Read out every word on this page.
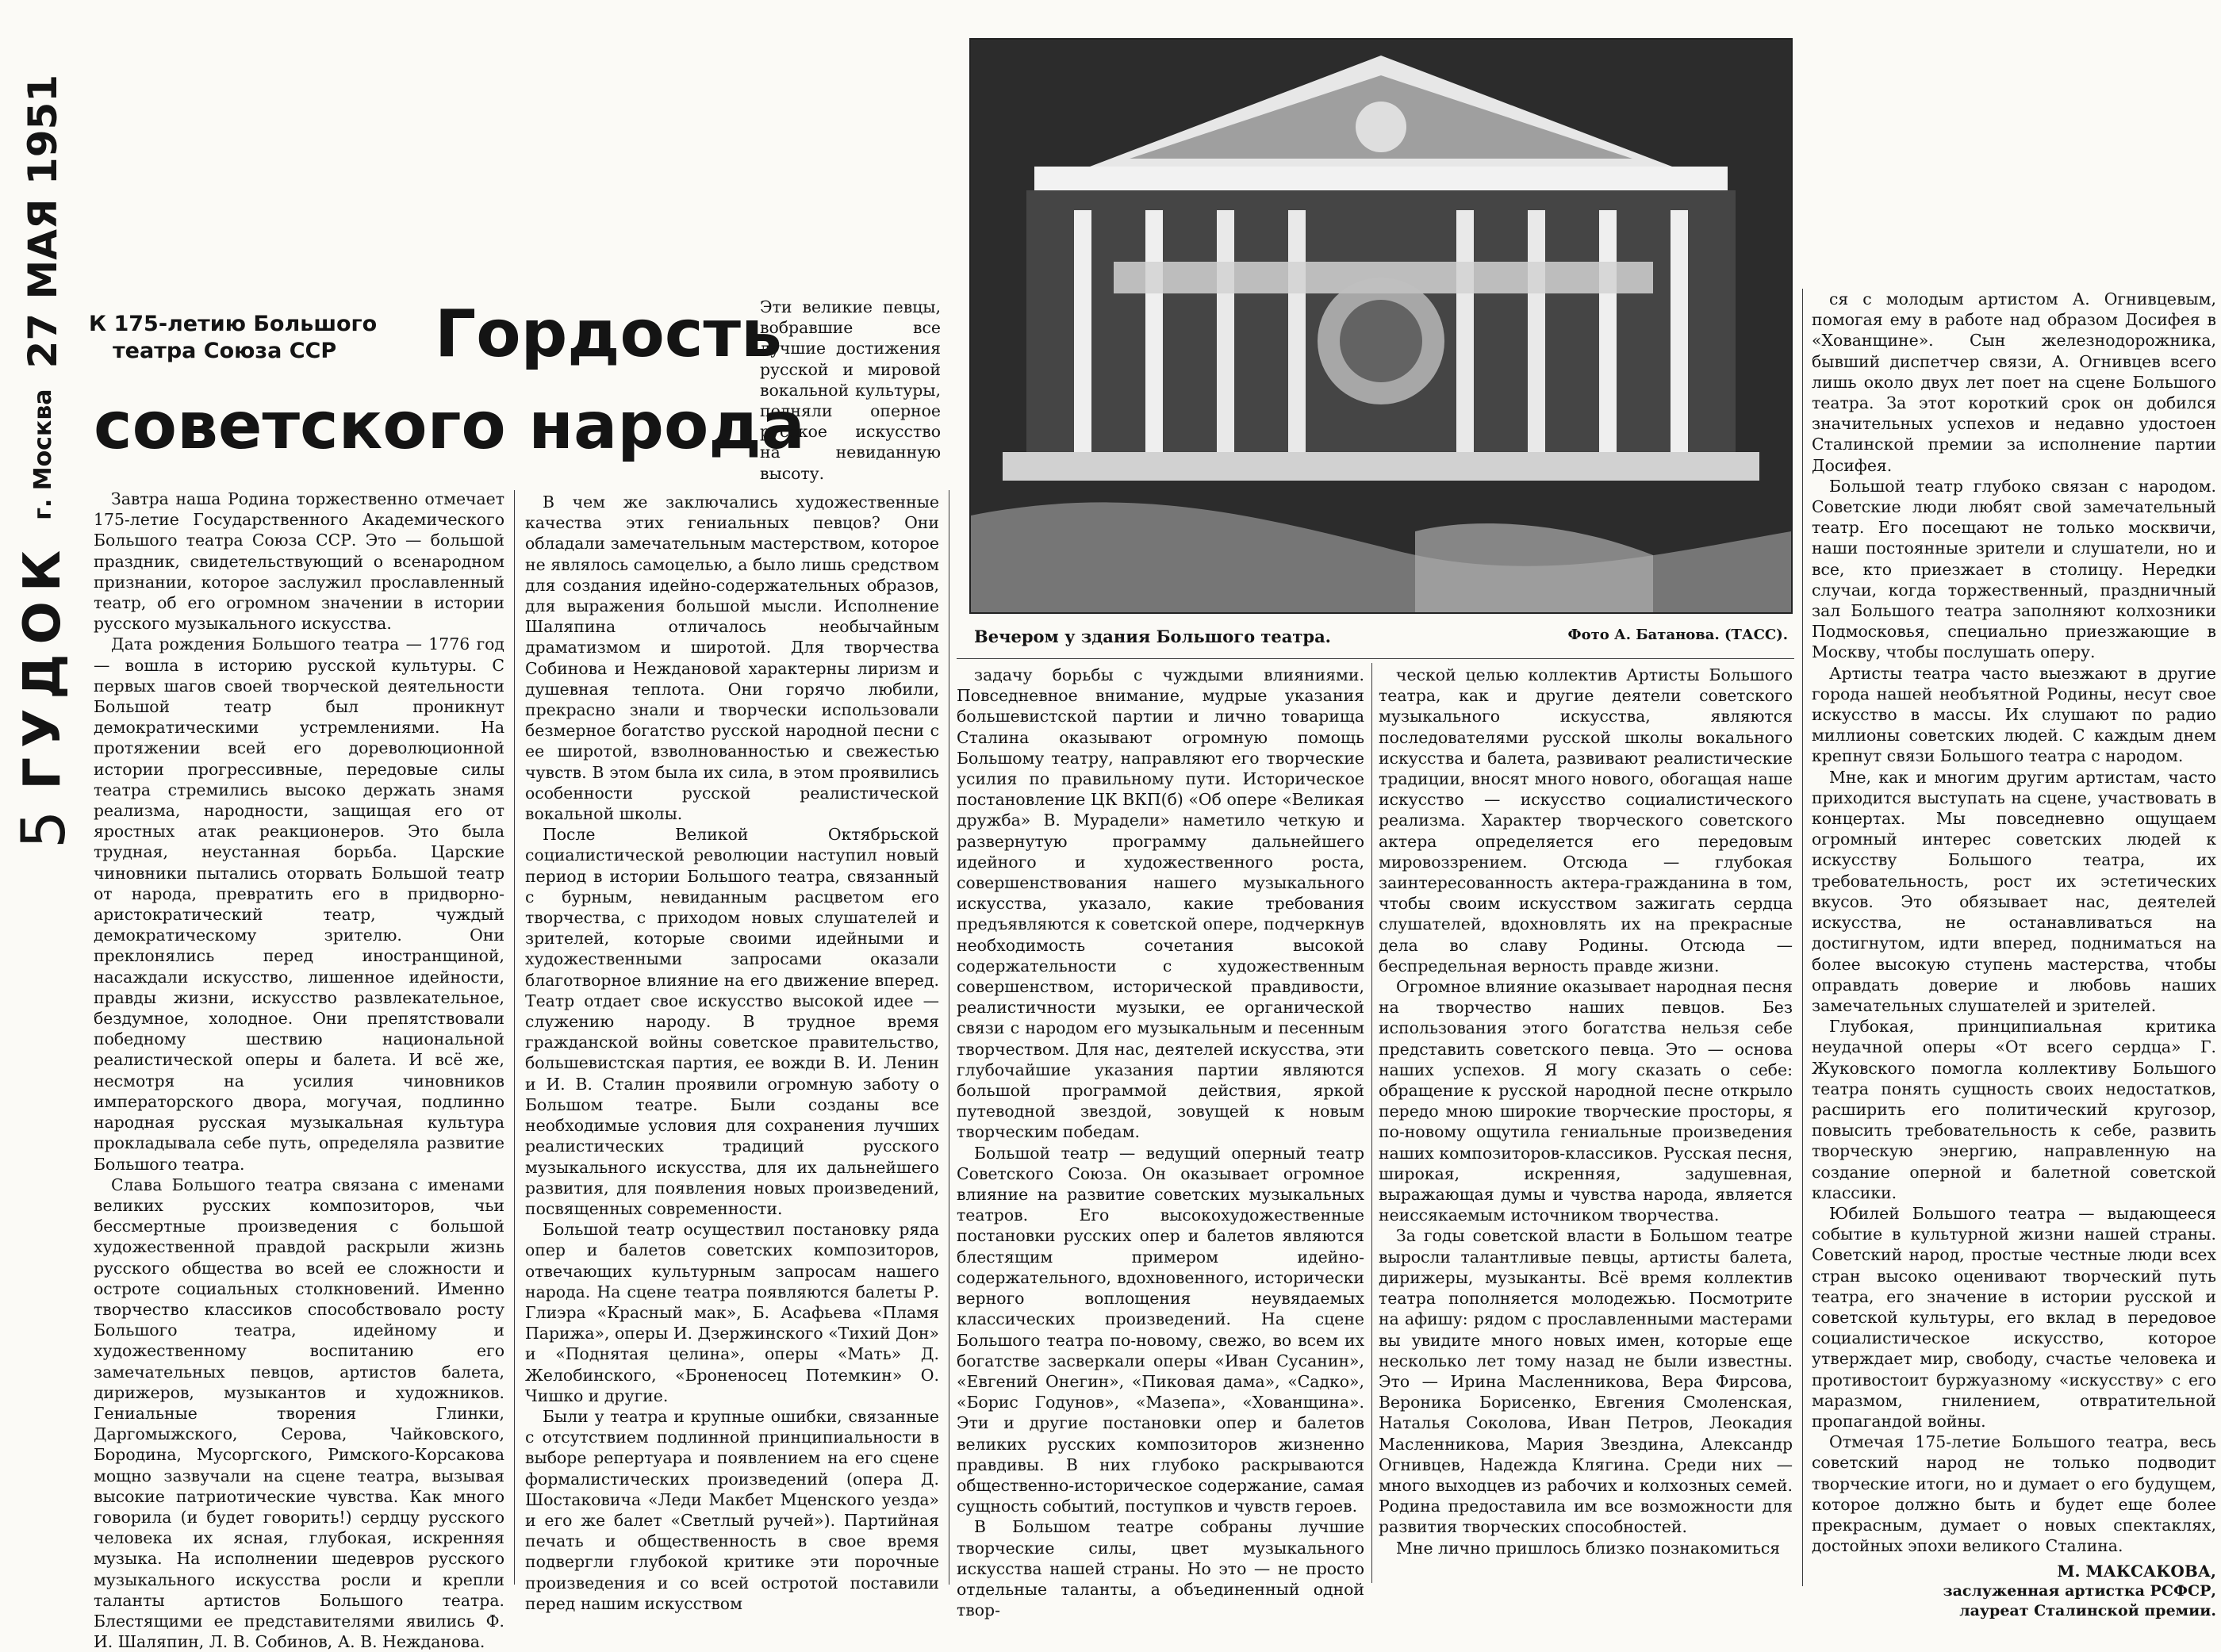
5
ГУДОК
г. Москва
27 МАЯ 1951 К 175-летию Большого
театра Союза ССР	Гордость
советского народа

Завтра наша Родина торжественно отмечает 175-летие Государственного Академического Большого театра Союза ССР. Это — большой праздник, свидетельствующий о всенародном признании, которое заслужил прославленный театр, об его огромном значении в истории русского музыкального искусства.

Дата рождения Большого театра — 1776 год — вошла в историю русской культуры. С первых шагов своей творческой деятельности Большой театр был проникнут демократическими устремлениями. На протяжении всей его дореволюционной истории прогрессивные, передовые силы театра стремились высоко держать знамя реализма, народности, защищая его от яростных атак реакционеров. Это была трудная, неустанная борьба. Царские чиновники пытались оторвать Большой театр от народа, превратить его в придворно-аристократический театр, чуждый демократическому зрителю. Они преклонялись перед иностранщиной, насаждали искусство, лишенное идейности, правды жизни, искусство развлекательное, бездумное, холодное. Они препятствовали победному шествию национальной реалистической оперы и балета. И всё же, несмотря на усилия чиновников императорского двора, могучая, подлинно народная русская музыкальная культура прокладывала себе путь, определяла развитие Большого театра.

Слава Большого театра связана с именами великих русских композиторов, чьи бессмертные произведения с большой художественной правдой раскрыли жизнь русского общества во всей ее сложности и остроте социальных столкновений. Именно творчество классиков способствовало росту Большого театра, идейному и художественному воспитанию его замечательных певцов, артистов балета, дирижеров, музыкантов и художников. Гениальные творения Глинки, Даргомыжского, Серова, Чайковского, Бородина, Мусоргского, Римского-Корсакова мощно зазвучали на сцене театра, вызывая высокие патриотические чувства. Как много говорила (и будет говорить!) сердцу русского человека их ясная, глубокая, искренняя музыка. На исполнении шедевров русского музыкального искусства росли и крепли таланты артистов Большого театра. Блестящими ее представителями явились Ф. И. Шаляпин, Л. В. Собинов, А. В. Нежданова.

Эти великие певцы, вобравшие все лучшие достижения русской и мировой вокальной культуры, подняли оперное русское искусство на невиданную высоту.

В чем же заключались художественные качества этих гениальных певцов? Они обладали замечательным мастерством, которое не являлось самоцелью, а было лишь средством для создания идейно-содержательных образов, для выражения большой мысли. Исполнение Шаляпина отличалось необычайным драматизмом и широтой. Для творчества Собинова и Неждановой характерны лиризм и душевная теплота. Они горячо любили, прекрасно знали и творчески использовали безмерное богатство русской народной песни с ее широтой, взволнованностью и свежестью чувств. В этом была их сила, в этом проявились особенности русской реалистической вокальной школы.

После Великой Октябрьской социалистической революции наступил новый период в истории Большого театра, связанный с бурным, невиданным расцветом его творчества, с приходом новых слушателей и зрителей, которые своими идейными и художественными запросами оказали благотворное влияние на его движение вперед. Театр отдает свое искусство высокой идее — служению народу. В трудное время гражданской войны советское правительство, большевистская партия, ее вожди В. И. Ленин и И. В. Сталин проявили огромную заботу о Большом театре. Были созданы все необходимые условия для сохранения лучших реалистических традиций русского музыкального искусства, для их дальнейшего развития, для появления новых произведений, посвященных современности.

Большой театр осуществил постановку ряда опер и балетов советских композиторов, отвечающих культурным запросам нашего народа. На сцене театра появляются балеты Р. Глиэра «Красный мак», Б. Асафьева «Пламя Парижа», оперы И. Дзержинского «Тихий Дон» и «Поднятая целина», оперы «Мать» Д. Желобинского, «Броненосец Потемкин» О. Чишко и другие.

Были у театра и крупные ошибки, связанные с отсутствием подлинной принципиальности в выборе репертуара и появлением на его сцене формалистических произведений (опера Д. Шостаковича «Леди Макбет Мценского уезда» и его же балет «Светлый ручей»). Партийная печать и общественность в свое время подвергли глубокой критике эти порочные произведения и со всей остротой поставили перед нашим искусством

Вечером у здания Большого театра.	Фото А. Батанова. (ТАСС).

задачу борьбы с чуждыми влияниями. Повседневное внимание, мудрые указания большевистской партии и лично товарища Сталина оказывают огромную помощь Большому театру, направляют его творческие усилия по правильному пути. Историческое постановление ЦК ВКП(б) «Об опере «Великая дружба» В. Мурадели» наметило четкую и развернутую программу дальнейшего идейного и художественного роста, совершенствования нашего музыкального искусства, указало, какие требования предъявляются к советской опере, подчеркнув необходимость сочетания высокой содержательности с художественным совершенством, исторической правдивости, реалистичности музыки, ее органической связи с народом его музыкальным и песенным творчеством. Для нас, деятелей искусства, эти глубочайшие указания партии являются большой программой действия, яркой путеводной звездой, зовущей к новым творческим победам.

Большой театр — ведущий оперный театр Советского Союза. Он оказывает огромное влияние на развитие советских музыкальных театров. Его высокохудожественные постановки русских опер и балетов являются блестящим примером идейно-содержательного, вдохновенного, исторически верного воплощения неувядаемых классических произведений. На сцене Большого театра по-новому, свежо, во всем их богатстве засверкали оперы «Иван Сусанин», «Евгений Онегин», «Пиковая дама», «Садко», «Борис Годунов», «Мазепа», «Хованщина». Эти и другие постановки опер и балетов великих русских композиторов жизненно правдивы. В них глубоко раскрываются общественно-историческое содержание, самая сущность событий, поступков и чувств героев.

В Большом театре собраны лучшие творческие силы, цвет музыкального искусства нашей страны. Но это — не просто отдельные таланты, а объединенный одной твор-

ческой целью коллектив Артисты Большого театра, как и другие деятели советского музыкального искусства, являются последователями русской школы вокального искусства и балета, развивают реалистические традиции, вносят много нового, обогащая наше искусство — искусство социалистического реализма. Характер творческого советского актера определяется его передовым мировоззрением. Отсюда — глубокая заинтересованность актера-гражданина в том, чтобы своим искусством зажигать сердца слушателей, вдохновлять их на прекрасные дела во славу Родины. Отсюда — беспредельная верность правде жизни.

Огромное влияние оказывает народная песня на творчество наших певцов. Без использования этого богатства нельзя себе представить советского певца. Это — основа наших успехов. Я могу сказать о себе: обращение к русской народной песне открыло передо мною широкие творческие просторы, я по-новому ощутила гениальные произведения наших композиторов-классиков. Русская песня, широкая, искренняя, задушевная, выражающая думы и чувства народа, является неиссякаемым источником творчества.

За годы советской власти в Большом театре выросли талантливые певцы, артисты балета, дирижеры, музыканты. Всё время коллектив театра пополняется молодежью. Посмотрите на афишу: рядом с прославленными мастерами вы увидите много новых имен, которые еще несколько лет тому назад не были известны. Это — Ирина Масленникова, Вера Фирсова, Вероника Борисенко, Евгения Смоленская, Наталья Соколова, Иван Петров, Леокадия Масленникова, Мария Звездина, Александр Огнивцев, Надежда Клягина. Среди них — много выходцев из рабочих и колхозных семей. Родина предоставила им все возможности для развития творческих способностей.

Мне лично пришлось близко познакомиться

ся с молодым артистом А. Огнивцевым, помогая ему в работе над образом Досифея в «Хованщине». Сын железнодорожника, бывший диспетчер связи, А. Огнивцев всего лишь около двух лет поет на сцене Большого театра. За этот короткий срок он добился значительных успехов и недавно удостоен Сталинской премии за исполнение партии Досифея.

Большой театр глубоко связан с народом. Советские люди любят свой замечательный театр. Его посещают не только москвичи, наши постоянные зрители и слушатели, но и все, кто приезжает в столицу. Нередки случаи, когда торжественный, праздничный зал Большого театра заполняют колхозники Подмосковья, специально приезжающие в Москву, чтобы послушать оперу.

Артисты театра часто выезжают в другие города нашей необъятной Родины, несут свое искусство в массы. Их слушают по радио миллионы советских людей. С каждым днем крепнут связи Большого театра с народом.

Мне, как и многим другим артистам, часто приходится выступать на сцене, участвовать в концертах. Мы повседневно ощущаем огромный интерес советских людей к искусству Большого театра, их требовательность, рост их эстетических вкусов. Это обязывает нас, деятелей искусства, не останавливаться на достигнутом, идти вперед, подниматься на более высокую ступень мастерства, чтобы оправдать доверие и любовь наших замечательных слушателей и зрителей.

Глубокая, принципиальная критика неудачной оперы «От всего сердца» Г. Жуковского помогла коллективу Большого театра понять сущность своих недостатков, расширить его политический кругозор, повысить требовательность к себе, развить творческую энергию, направленную на создание оперной и балетной советской классики.

Юбилей Большого театра — выдающееся событие в культурной жизни нашей страны. Советский народ, простые честные люди всех стран высоко оценивают творческий путь театра, его значение в истории русской и советской культуры, его вклад в передовое социалистическое искусство, которое утверждает мир, свободу, счастье человека и противостоит буржуазному «искусству» с его маразмом, гнилением, отвратительной пропагандой войны.

Отмечая 175-летие Большого театра, весь советский народ не только подводит творческие итоги, но и думает о его будущем, которое должно быть и будет еще более прекрасным, думает о новых спектаклях, достойных эпохи великого Сталина.

М. МАКСАКОВА,

заслуженная артистка РСФСР,

лауреат Сталинской премии.
